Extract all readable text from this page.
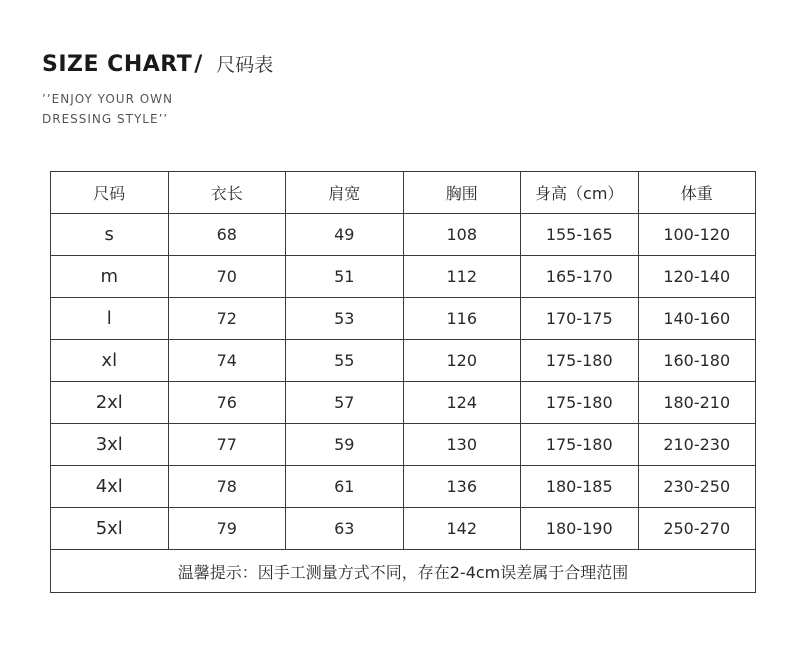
SIZE CHART / 尺码表
’’ENJOY YOUR OWN
DRESSING STYLE’’
尺码	衣长	肩宽	胸围	身高（cm）	体重
s	68	49	108	155-165	100-120
m	70	51	112	165-170	120-140
l	72	53	116	170-175	140-160
xl	74	55	120	175-180	160-180
2xl	76	57	124	175-180	180-210
3xl	77	59	130	175-180	210-230
4xl	78	61	136	180-185	230-250
5xl	79	63	142	180-190	250-270
温馨提示：因手工测量方式不同，存在2-4cm误差属于合理范围					
